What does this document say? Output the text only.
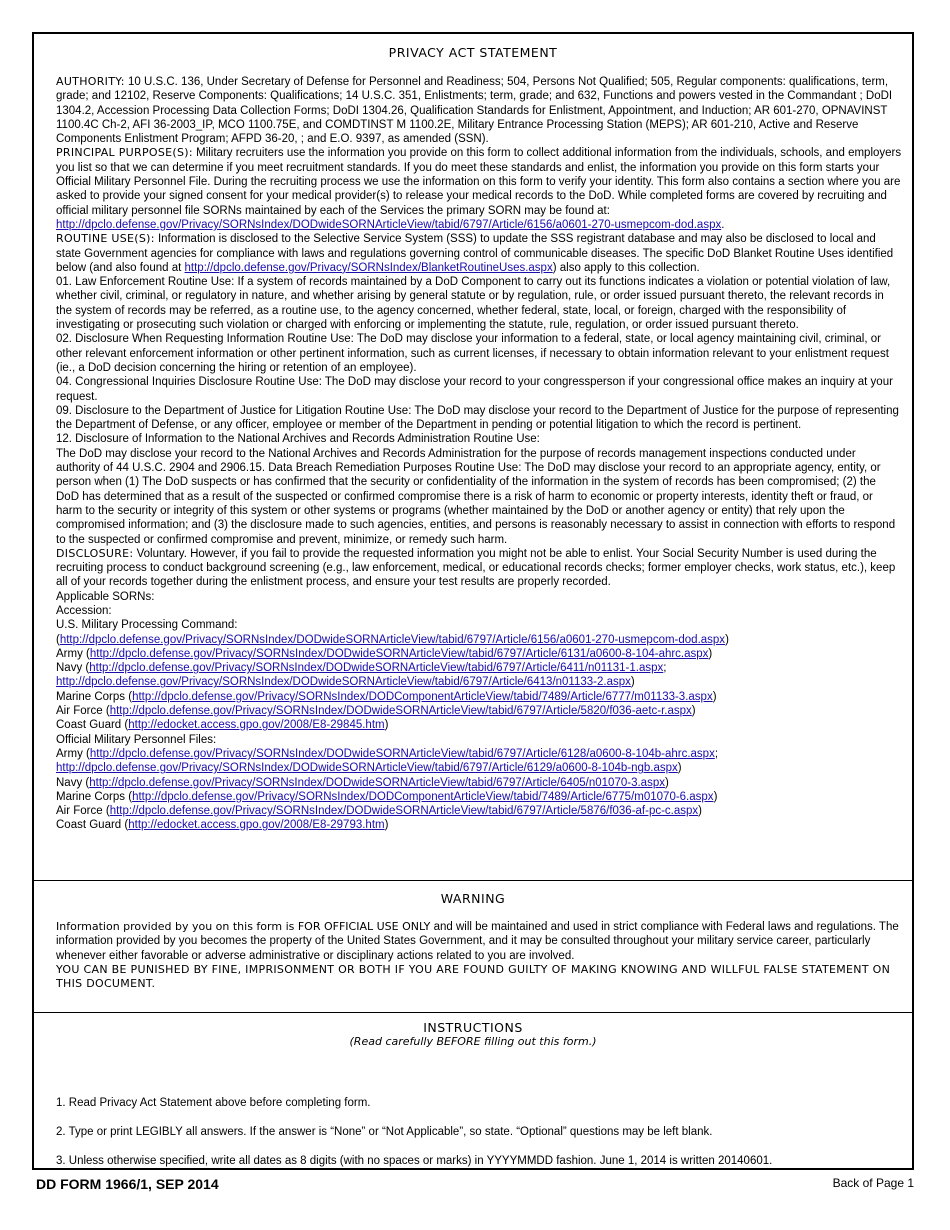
PRIVACY ACT STATEMENT

AUTHORITY: 10 U.S.C. 136, Under Secretary of Defense for Personnel and Readiness; 504, Persons Not Qualified; 505, Regular components: qualifications, term, grade; and 12102, Reserve Components: Qualifications; 14 U.S.C. 351, Enlistments; term, grade; and 632, Functions and powers vested in the Commandant ; DoDI 1304.2, Accession Processing Data Collection Forms; DoDI 1304.26, Qualification Standards for Enlistment, Appointment, and Induction; AR 601-270, OPNAVINST 1100.4C Ch-2, AFI 36-2003_IP, MCO 1100.75E, and COMDTINST M 1100.2E, Military Entrance Processing Station (MEPS); AR 601-210, Active and Reserve Components Enlistment Program; AFPD 36-20, ; and E.O. 9397, as amended (SSN).

PRINCIPAL PURPOSE(S): Military recruiters use the information you provide on this form to collect additional information from the individuals, schools, and employers you list so that we can determine if you meet recruitment standards. If you do meet these standards and enlist, the information you provide on this form starts your Official Military Personnel File. During the recruiting process we use the information on this form to verify your identity. This form also contains a section where you are asked to provide your signed consent for your medical provider(s) to release your medical records to the DoD. While completed forms are covered by recruiting and official military personnel file SORNs maintained by each of the Services the primary SORN may be found at: http://dpclo.defense.gov/Privacy/SORNsIndex/DODwideSORNArticleView/tabid/6797/Article/6156/a0601-270-usmepcom-dod.aspx.

ROUTINE USE(S): Information is disclosed to the Selective Service System (SSS) to update the SSS registrant database and may also be disclosed to local and state Government agencies for compliance with laws and regulations governing control of communicable diseases. The specific DoD Blanket Routine Uses identified below (and also found at http://dpclo.defense.gov/Privacy/SORNsIndex/BlanketRoutineUses.aspx) also apply to this collection.

01. Law Enforcement Routine Use: If a system of records maintained by a DoD Component to carry out its functions indicates a violation or potential violation of law, whether civil, criminal, or regulatory in nature, and whether arising by general statute or by regulation, rule, or order issued pursuant thereto, the relevant records in the system of records may be referred, as a routine use, to the agency concerned, whether federal, state, local, or foreign, charged with the responsibility of investigating or prosecuting such violation or charged with enforcing or implementing the statute, rule, regulation, or order issued pursuant thereto.

02. Disclosure When Requesting Information Routine Use: The DoD may disclose your information to a federal, state, or local agency maintaining civil, criminal, or other relevant enforcement information or other pertinent information, such as current licenses, if necessary to obtain information relevant to your enlistment request (ie., a DoD decision concerning the hiring or retention of an employee).

04. Congressional Inquiries Disclosure Routine Use: The DoD may disclose your record to your congressperson if your congressional office makes an inquiry at your request.

09. Disclosure to the Department of Justice for Litigation Routine Use: The DoD may disclose your record to the Department of Justice for the purpose of representing the Department of Defense, or any officer, employee or member of the Department in pending or potential litigation to which the record is pertinent.

12. Disclosure of Information to the National Archives and Records Administration Routine Use:

The DoD may disclose your record to the National Archives and Records Administration for the purpose of records management inspections conducted under authority of 44 U.S.C. 2904 and 2906.15. Data Breach Remediation Purposes Routine Use: The DoD may disclose your record to an appropriate agency, entity, or person when (1) The DoD suspects or has confirmed that the security or confidentiality of the information in the system of records has been compromised; (2) the DoD has determined that as a result of the suspected or confirmed compromise there is a risk of harm to economic or property interests, identity theft or fraud, or harm to the security or integrity of this system or other systems or programs (whether maintained by the DoD or another agency or entity) that rely upon the compromised information; and (3) the disclosure made to such agencies, entities, and persons is reasonably necessary to assist in connection with efforts to respond to the suspected or confirmed compromise and prevent, minimize, or remedy such harm.

DISCLOSURE: Voluntary. However, if you fail to provide the requested information you might not be able to enlist. Your Social Security Number is used during the recruiting process to conduct background screening (e.g., law enforcement, medical, or educational records checks; former employer checks, work status, etc.), keep all of your records together during the enlistment process, and ensure your test results are properly recorded.

Applicable SORNs:

Accession:

U.S. Military Processing Command:

(http://dpclo.defense.gov/Privacy/SORNsIndex/DODwideSORNArticleView/tabid/6797/Article/6156/a0601-270-usmepcom-dod.aspx)

Army (http://dpclo.defense.gov/Privacy/SORNsIndex/DODwideSORNArticleView/tabid/6797/Article/6131/a0600-8-104-ahrc.aspx)

Navy (http://dpclo.defense.gov/Privacy/SORNsIndex/DODwideSORNArticleView/tabid/6797/Article/6411/n01131-1.aspx;

http://dpclo.defense.gov/Privacy/SORNsIndex/DODwideSORNArticleView/tabid/6797/Article/6413/n01133-2.aspx)

Marine Corps (http://dpclo.defense.gov/Privacy/SORNsIndex/DODComponentArticleView/tabid/7489/Article/6777/m01133-3.aspx)

Air Force (http://dpclo.defense.gov/Privacy/SORNsIndex/DODwideSORNArticleView/tabid/6797/Article/5820/f036-aetc-r.aspx)

Coast Guard (http://edocket.access.gpo.gov/2008/E8-29845.htm)

Official Military Personnel Files:

Army (http://dpclo.defense.gov/Privacy/SORNsIndex/DODwideSORNArticleView/tabid/6797/Article/6128/a0600-8-104b-ahrc.aspx;

http://dpclo.defense.gov/Privacy/SORNsIndex/DODwideSORNArticleView/tabid/6797/Article/6129/a0600-8-104b-ngb.aspx)

Navy (http://dpclo.defense.gov/Privacy/SORNsIndex/DODwideSORNArticleView/tabid/6797/Article/6405/n01070-3.aspx)

Marine Corps (http://dpclo.defense.gov/Privacy/SORNsIndex/DODComponentArticleView/tabid/7489/Article/6775/m01070-6.aspx)

Air Force (http://dpclo.defense.gov/Privacy/SORNsIndex/DODwideSORNArticleView/tabid/6797/Article/5876/f036-af-pc-c.aspx)

Coast Guard (http://edocket.access.gpo.gov/2008/E8-29793.htm)

WARNING

Information provided by you on this form is FOR OFFICIAL USE ONLY and will be maintained and used in strict compliance with Federal laws and regulations. The information provided by you becomes the property of the United States Government, and it may be consulted throughout your military service career, particularly whenever either favorable or adverse administrative or disciplinary actions related to you are involved.

YOU CAN BE PUNISHED BY FINE, IMPRISONMENT OR BOTH IF YOU ARE FOUND GUILTY OF MAKING KNOWING AND WILLFUL FALSE STATEMENT ON THIS DOCUMENT.

INSTRUCTIONS
(Read carefully BEFORE filling out this form.)
1. Read Privacy Act Statement above before completing form.
2. Type or print LEGIBLY all answers. If the answer is “None” or “Not Applicable”, so state. “Optional” questions may be left blank.
3. Unless otherwise specified, write all dates as 8 digits (with no spaces or marks) in YYYYMMDD fashion. June 1, 2014 is written 20140601.
DD FORM 1966/1, SEP 2014	Back of Page 1
